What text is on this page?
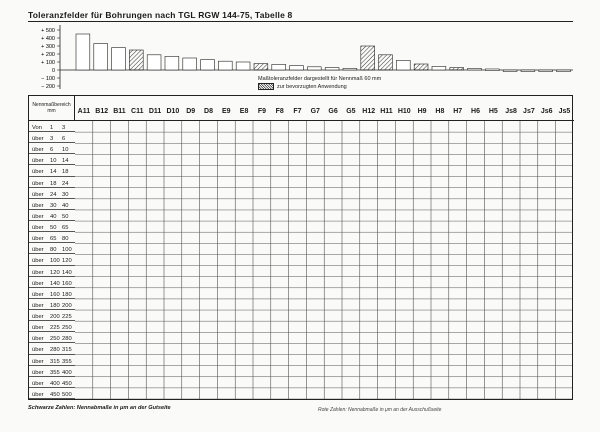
Toleranzfelder für Bohrungen nach TGL RGW 144-75, Tabelle 8
+ 500
+ 400
+ 300
+ 200
+ 100
0
− 100
− 200
Maßtoleranzfelder dargestellt für Nennmaß 60 mm
zur bevorzugten Anwendung
Nennmaßbereich mm	A11 B12 B11 C11 D11 D10 D9	D8	E9	E8	F9	F8	F7	G7	G6	G5 H12 H11 H10 H9	H8	H7	H6	H5	Js8 Js7 Js6 Js5
Von 1 3
über 3 6
über 6 10
über 10 14
über 14 18
über 18 24
über 24 30
über 30 40
über 40 50
über 50 65
über 65 80
über 80 100
über 100 120
über 120 140
über 140 160
über 160 180
über 180 200
über 200 225
über 225 250
über 250 280
über 280 315
über 315 355
über 355 400
über 400 450
über 450 500
Schwarze Zahlen: Nennabmaße in μm an der Gutseite	Rote Zahlen: Nennabmaße in μm an der Ausschußseite
